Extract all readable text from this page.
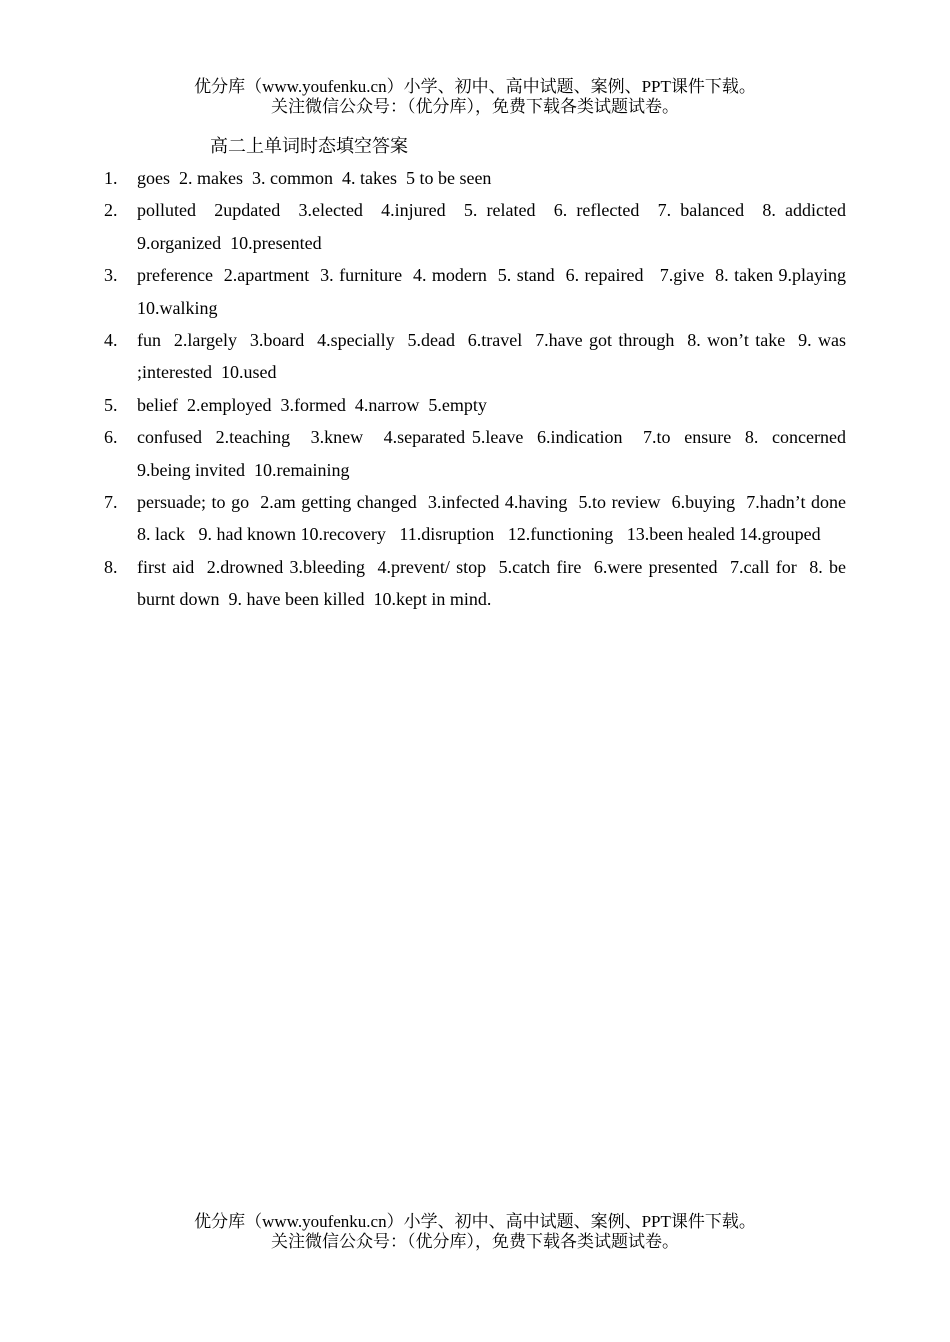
优分库（www.youfenku.cn）小学、初中、高中试题、案例、PPT课件下载。
关注微信公众号：（优分库），免费下载各类试题试卷。
高二上单词时态填空答案
1. goes  2. makes  3. common  4. takes  5 to be seen
2. polluted  2updated  3.elected  4.injured  5. related  6. reflected  7. balanced  8. addicted 9.organized  10.presented
3. preference  2.apartment  3. furniture  4. modern  5. stand  6. repaired   7.give  8. taken 9.playing 10.walking
4. fun  2.largely  3.board  4.specially  5.dead  6.travel  7.have got through  8. won’t take  9. was ;interested  10.used
5. belief  2.employed  3.formed  4.narrow  5.empty
6. confused  2.teaching   3.knew   4.separated 5.leave  6.indication   7.to  ensure  8.  concerned 9.being invited  10.remaining
7. persuade; to go  2.am getting changed  3.infected 4.having  5.to review  6.buying  7.hadn’t done   8. lack   9. had known 10.recovery   11.disruption   12.functioning   13.been healed 14.grouped
8. first aid  2.drowned 3.bleeding  4.prevent/ stop  5.catch fire  6.were presented  7.call for  8. be burnt down  9. have been killed  10.kept in mind.
优分库（www.youfenku.cn）小学、初中、高中试题、案例、PPT课件下载。
关注微信公众号：（优分库），免费下载各类试题试卷。
